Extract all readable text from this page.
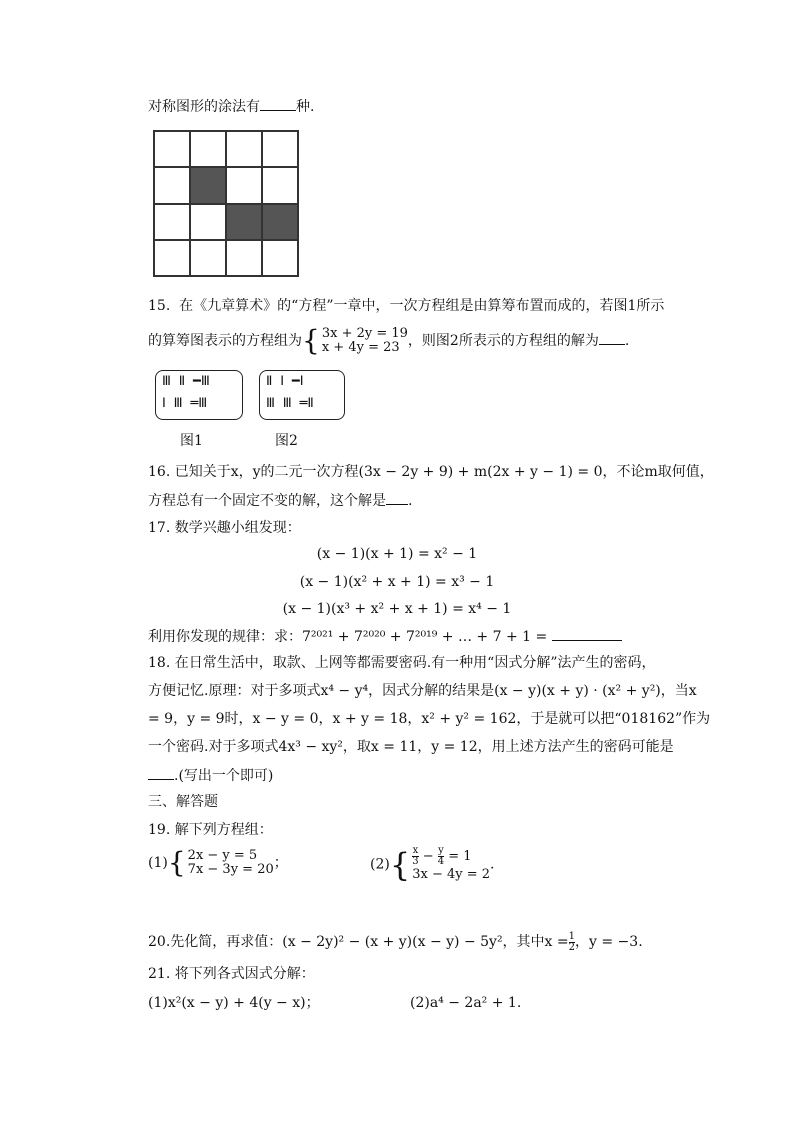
对称图形的涂法有	种.
15. 在《九章算术》的“方程”一章中，一次方程组是由算筹布置而成的，若图1所示
的算筹图表示的方程组为{ 3x + 2y = 19
x + 4y = 23 ，则图2所表示的方程组的解为 .
Ⅲ Ⅱ ━Ⅲ
Ⅰ Ⅲ ═Ⅲ
Ⅱ Ⅰ ━Ⅰ
Ⅲ Ⅲ ═Ⅱ
图1	图2
16. 已知关于x，y的二元一次方程(3x − 2y + 9) + m(2x + y − 1) = 0，不论m取何值，
方程总有一个固定不变的解，这个解是 .
17. 数学兴趣小组发现：
(x − 1)(x + 1) = x² − 1
(x − 1)(x² + x + 1) = x³ − 1
(x − 1)(x³ + x² + x + 1) = x⁴ − 1
利用你发现的规律：求：7²⁰²¹ + 7²⁰²⁰ + 7²⁰¹⁹ + … + 7 + 1 =
18. 在日常生活中，取款、上网等都需要密码.有一种用“因式分解”法产生的密码，
方便记忆.原理：对于多项式x⁴ − y⁴，因式分解的结果是(x − y)(x + y) · (x² + y²)，当x
= 9，y = 9时，x − y = 0，x + y = 18，x² + y² = 162，于是就可以把“018162”作为
一个密码.对于多项式4x³ − xy²，取x = 11，y = 12，用上述方法产生的密码可能是
.(写出一个即可)
三、解答题
19. 解下列方程组：
(1){ 2x − y = 5
7x − 3y = 20；	$(2)\{ \frac{x}{3} - \frac{y}{4} = 1$
3x − 4y = 2.
20.先化简，再求值：(x − 2y)² − (x + y)(x − y) − 5y²，其中$x = \frac{1}{2}$ ，y = −3.
21. 将下列各式因式分解：
(1)x²(x − y) + 4(y − x)；	(2)a⁴ − 2a² + 1.
